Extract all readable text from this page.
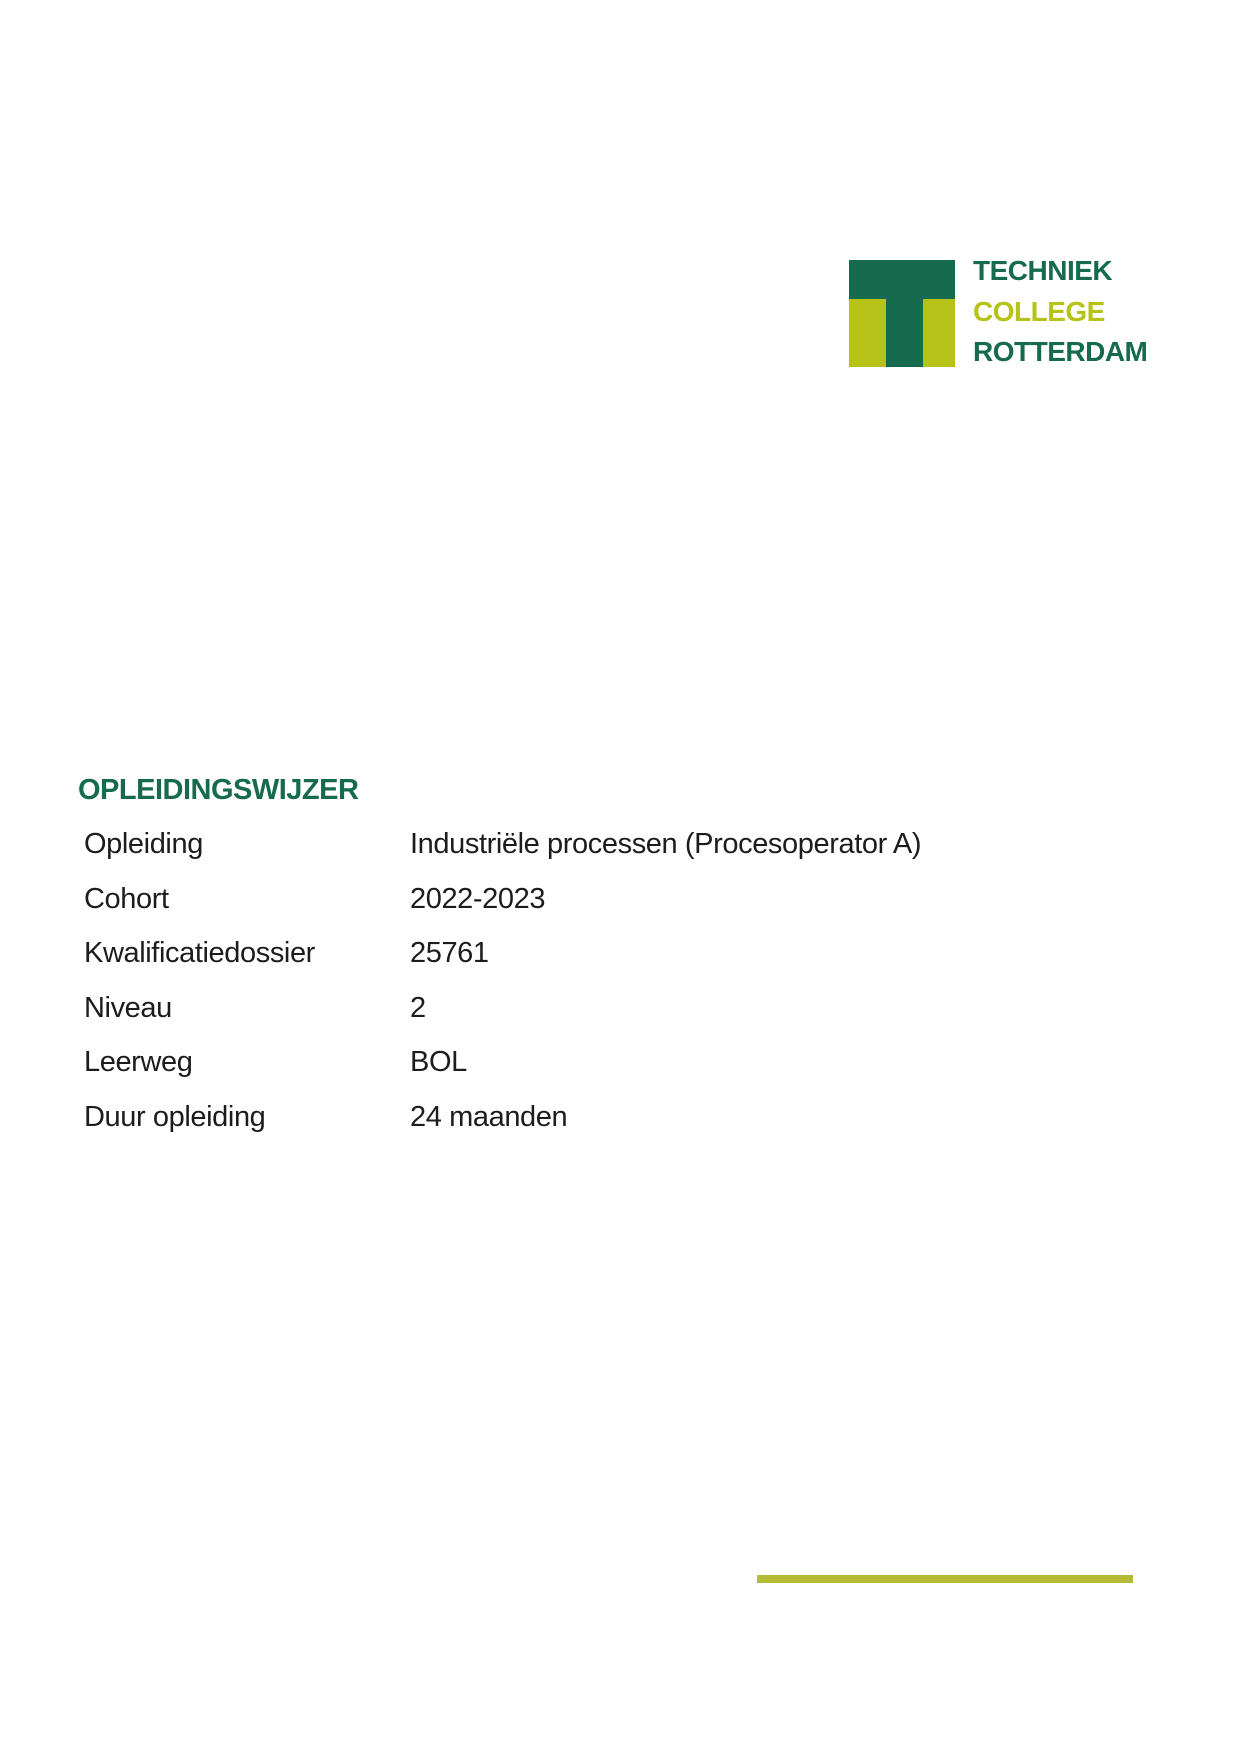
TECHNIEK
COLLEGE
ROTTERDAM
OPLEIDINGSWIJZER
Opleiding	Industriële processen (Procesoperator A)
Cohort	2022-2023
Kwalificatiedossier	25761
Niveau	2
Leerweg	BOL
Duur opleiding	24 maanden
